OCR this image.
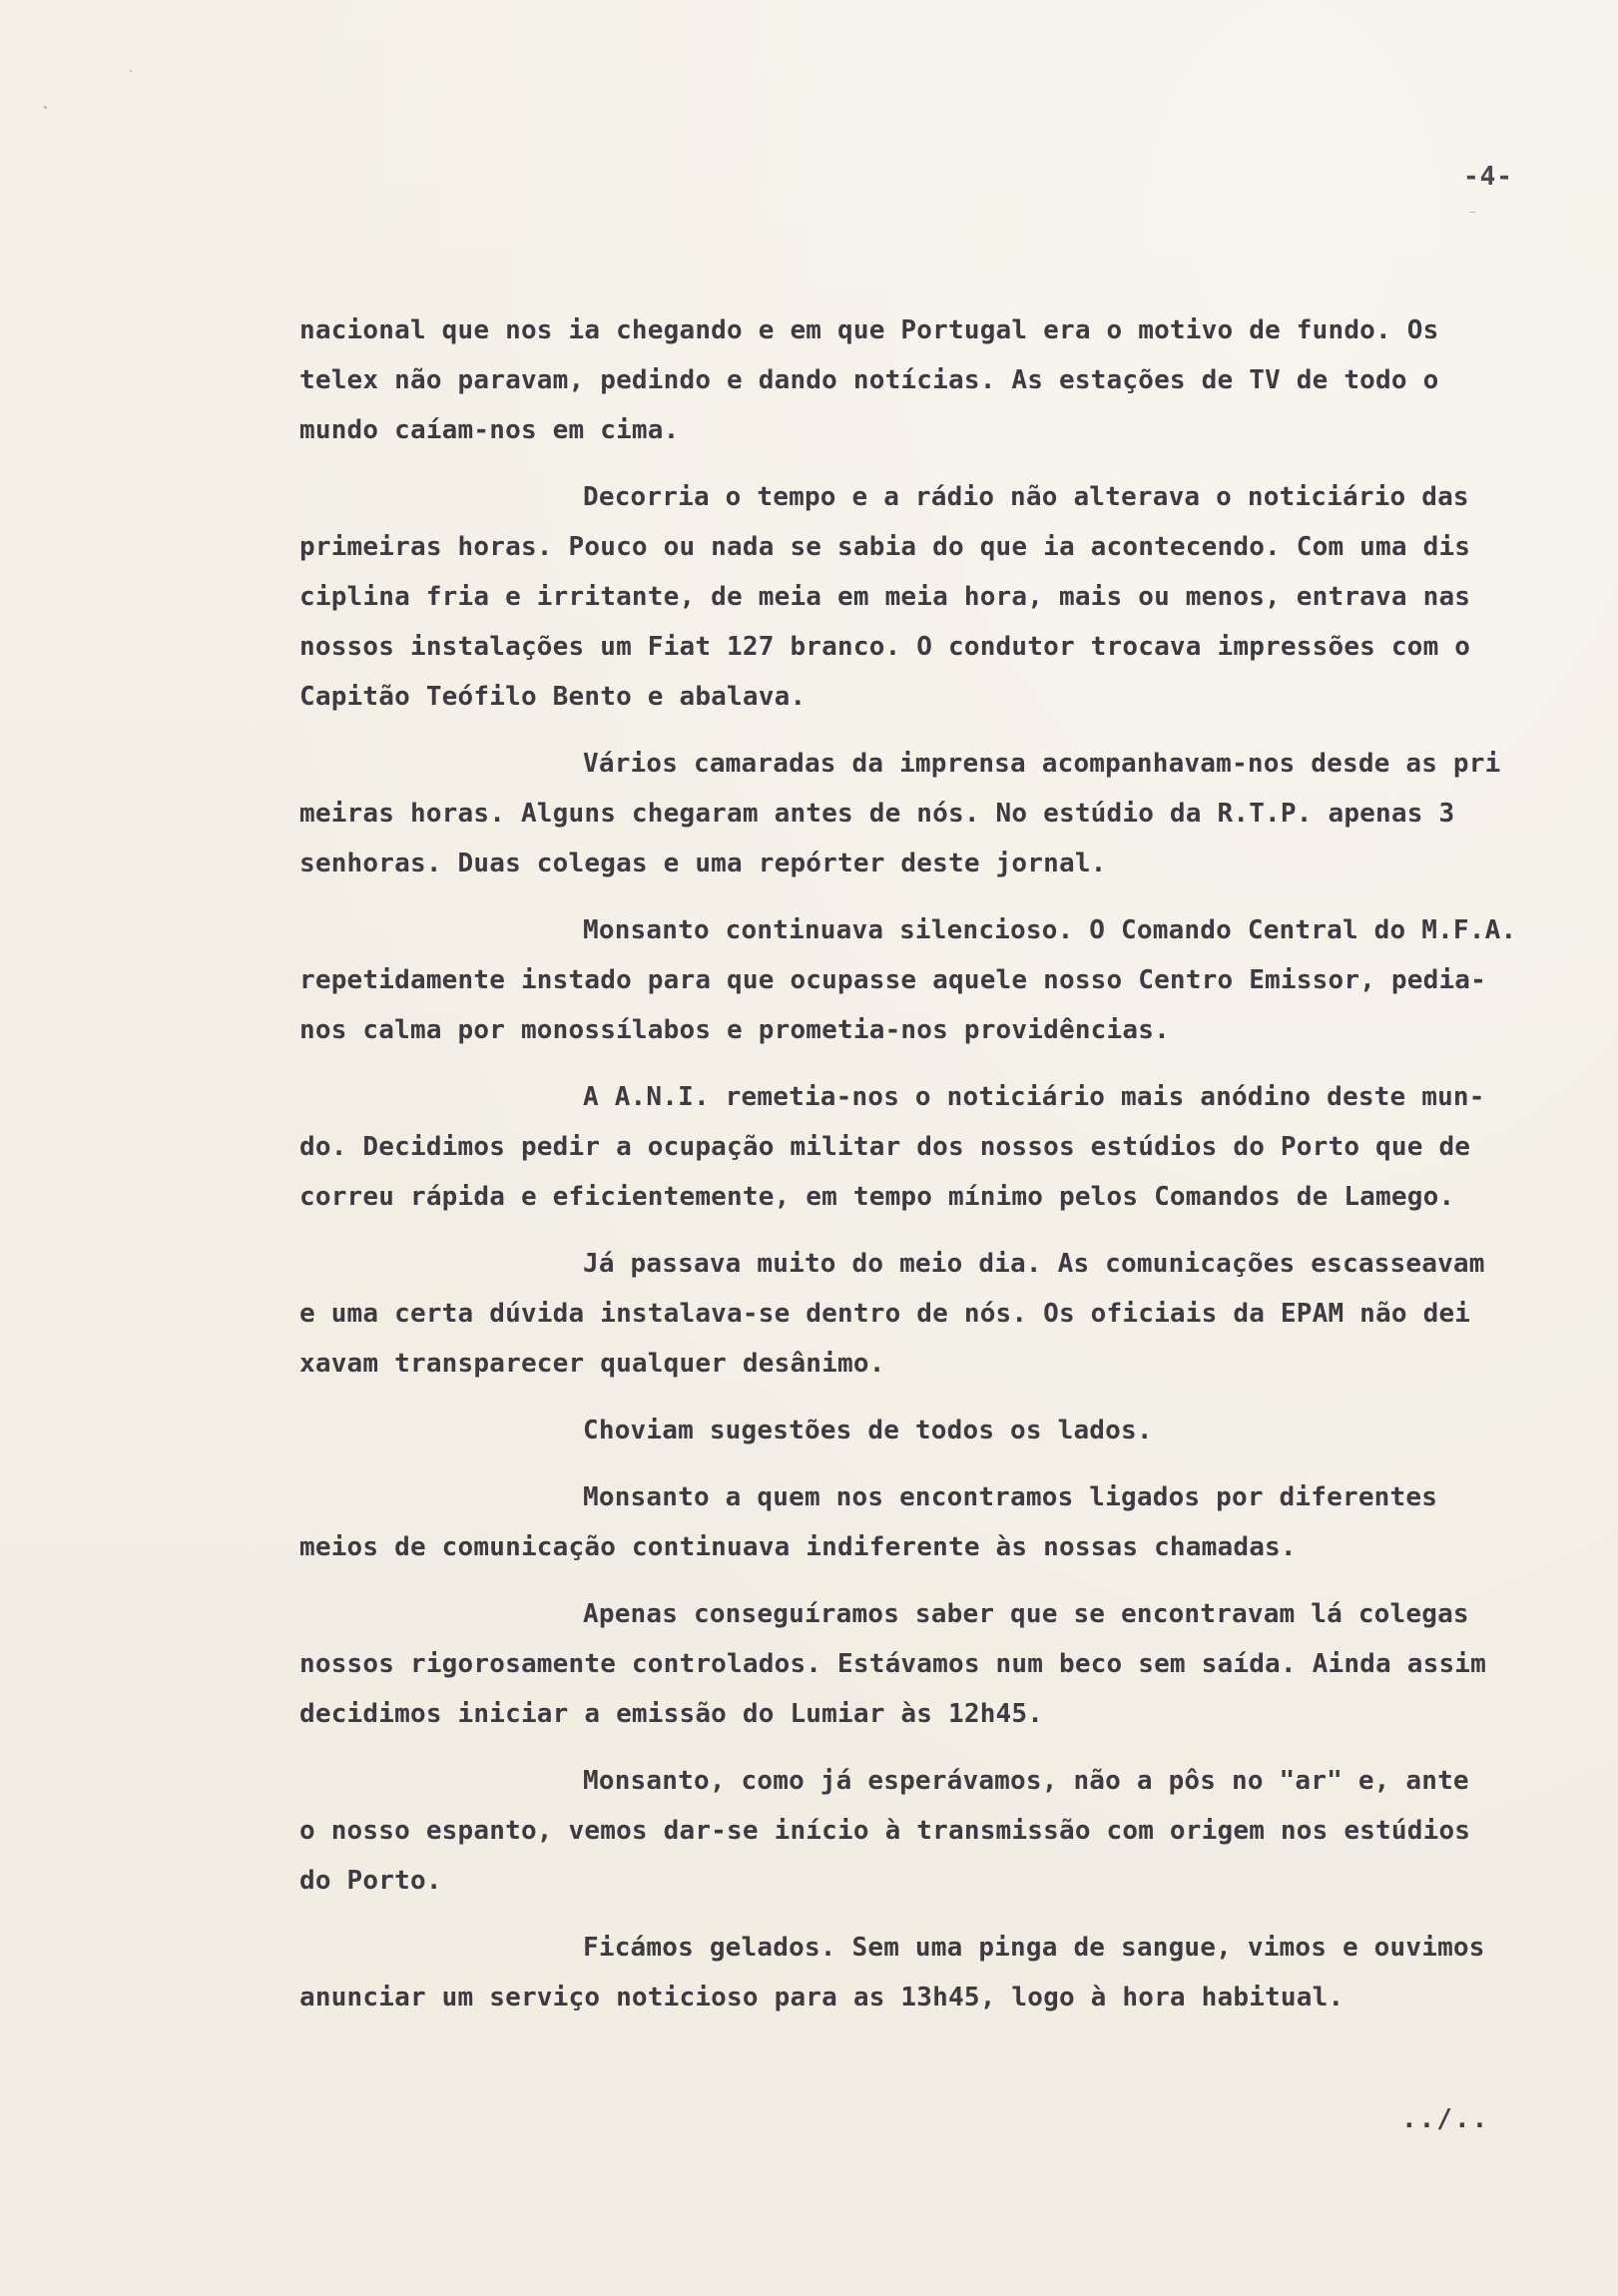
-4-
nacional que nos ia chegando e em que Portugal era o motivo de fundo. Os
telex não paravam, pedindo e dando notícias. As estações de TV de todo o
mundo caíam-nos em cima.
Decorria o tempo e a rádio não alterava o noticiário das
primeiras horas. Pouco ou nada se sabia do que ia acontecendo. Com uma dis
ciplina fria e irritante, de meia em meia hora, mais ou menos, entrava nas
nossos instalações um Fiat 127 branco. O condutor trocava impressões com o
Capitão Teófilo Bento e abalava.
Vários camaradas da imprensa acompanhavam-nos desde as pri
meiras horas. Alguns chegaram antes de nós. No estúdio da R.T.P. apenas 3
senhoras. Duas colegas e uma repórter deste jornal.
Monsanto continuava silencioso. O Comando Central do M.F.A.
repetidamente instado para que ocupasse aquele nosso Centro Emissor, pedia-
nos calma por monossílabos e prometia-nos providências.
A A.N.I. remetia-nos o noticiário mais anódino deste mun-
do. Decidimos pedir a ocupação militar dos nossos estúdios do Porto que de
correu rápida e eficientemente, em tempo mínimo pelos Comandos de Lamego.
Já passava muito do meio dia. As comunicações escasseavam
e uma certa dúvida instalava-se dentro de nós. Os oficiais da EPAM não dei
xavam transparecer qualquer desânimo.
Choviam sugestões de todos os lados.
Monsanto a quem nos encontramos ligados por diferentes
meios de comunicação continuava indiferente às nossas chamadas.
Apenas conseguíramos saber que se encontravam lá colegas
nossos rigorosamente controlados. Estávamos num beco sem saída. Ainda assim
decidimos iniciar a emissão do Lumiar às 12h45.
Monsanto, como já esperávamos, não a pôs no "ar" e, ante
o nosso espanto, vemos dar-se início à transmissão com origem nos estúdios
do Porto.
Ficámos gelados. Sem uma pinga de sangue, vimos e ouvimos
anunciar um serviço noticioso para as 13h45, logo à hora habitual.
../..
